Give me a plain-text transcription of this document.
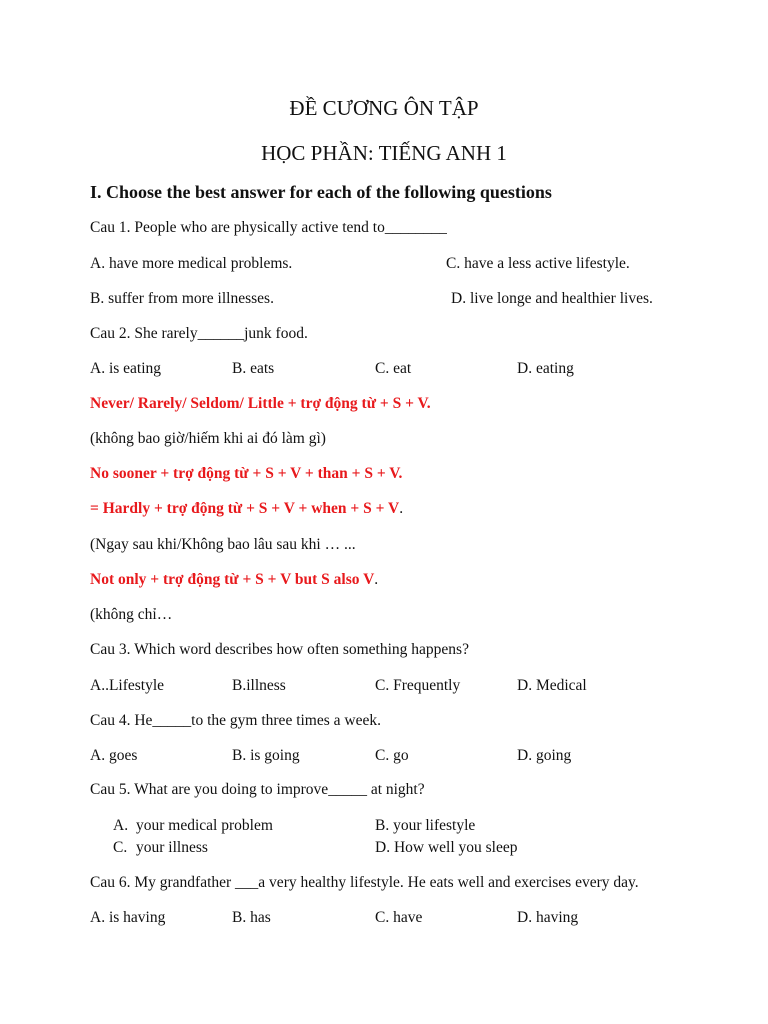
ĐỀ CƯƠNG ÔN TẬP
HỌC PHẦN: TIẾNG ANH 1
I. Choose the best answer for each of the following questions
Cau 1. People who are physically active tend to________
A. have more medical problems.	C. have a less active lifestyle.
B. suffer from more illnesses.	D. live longe and healthier lives.
Cau 2. She rarely______junk food.
A. is eating	B. eats	C. eat	D. eating
Never/ Rarely/ Seldom/ Little + trợ động từ + S + V.
(không bao giờ/hiếm khi ai đó làm gì)
No sooner + trợ động từ + S + V + than + S + V.
= Hardly + trợ động từ + S + V + when + S + V.
(Ngay sau khi/Không bao lâu sau khi … ...
Not only + trợ động từ + S + V but S also V.
(không chỉ…
Cau 3. Which word describes how often something happens?
A..Lifestyle	B.illness	C. Frequently	D. Medical
Cau 4. He_____to the gym three times a week.
A. goes	B. is going	C. go	D. going
Cau 5. What are you doing to improve_____ at night?
A. your medical problem	B. your lifestyle
C. your illness	D. How well you sleep
Cau 6. My grandfather ___a very healthy lifestyle. He eats well and exercises every day.
A. is having	B. has	C. have	D. having
